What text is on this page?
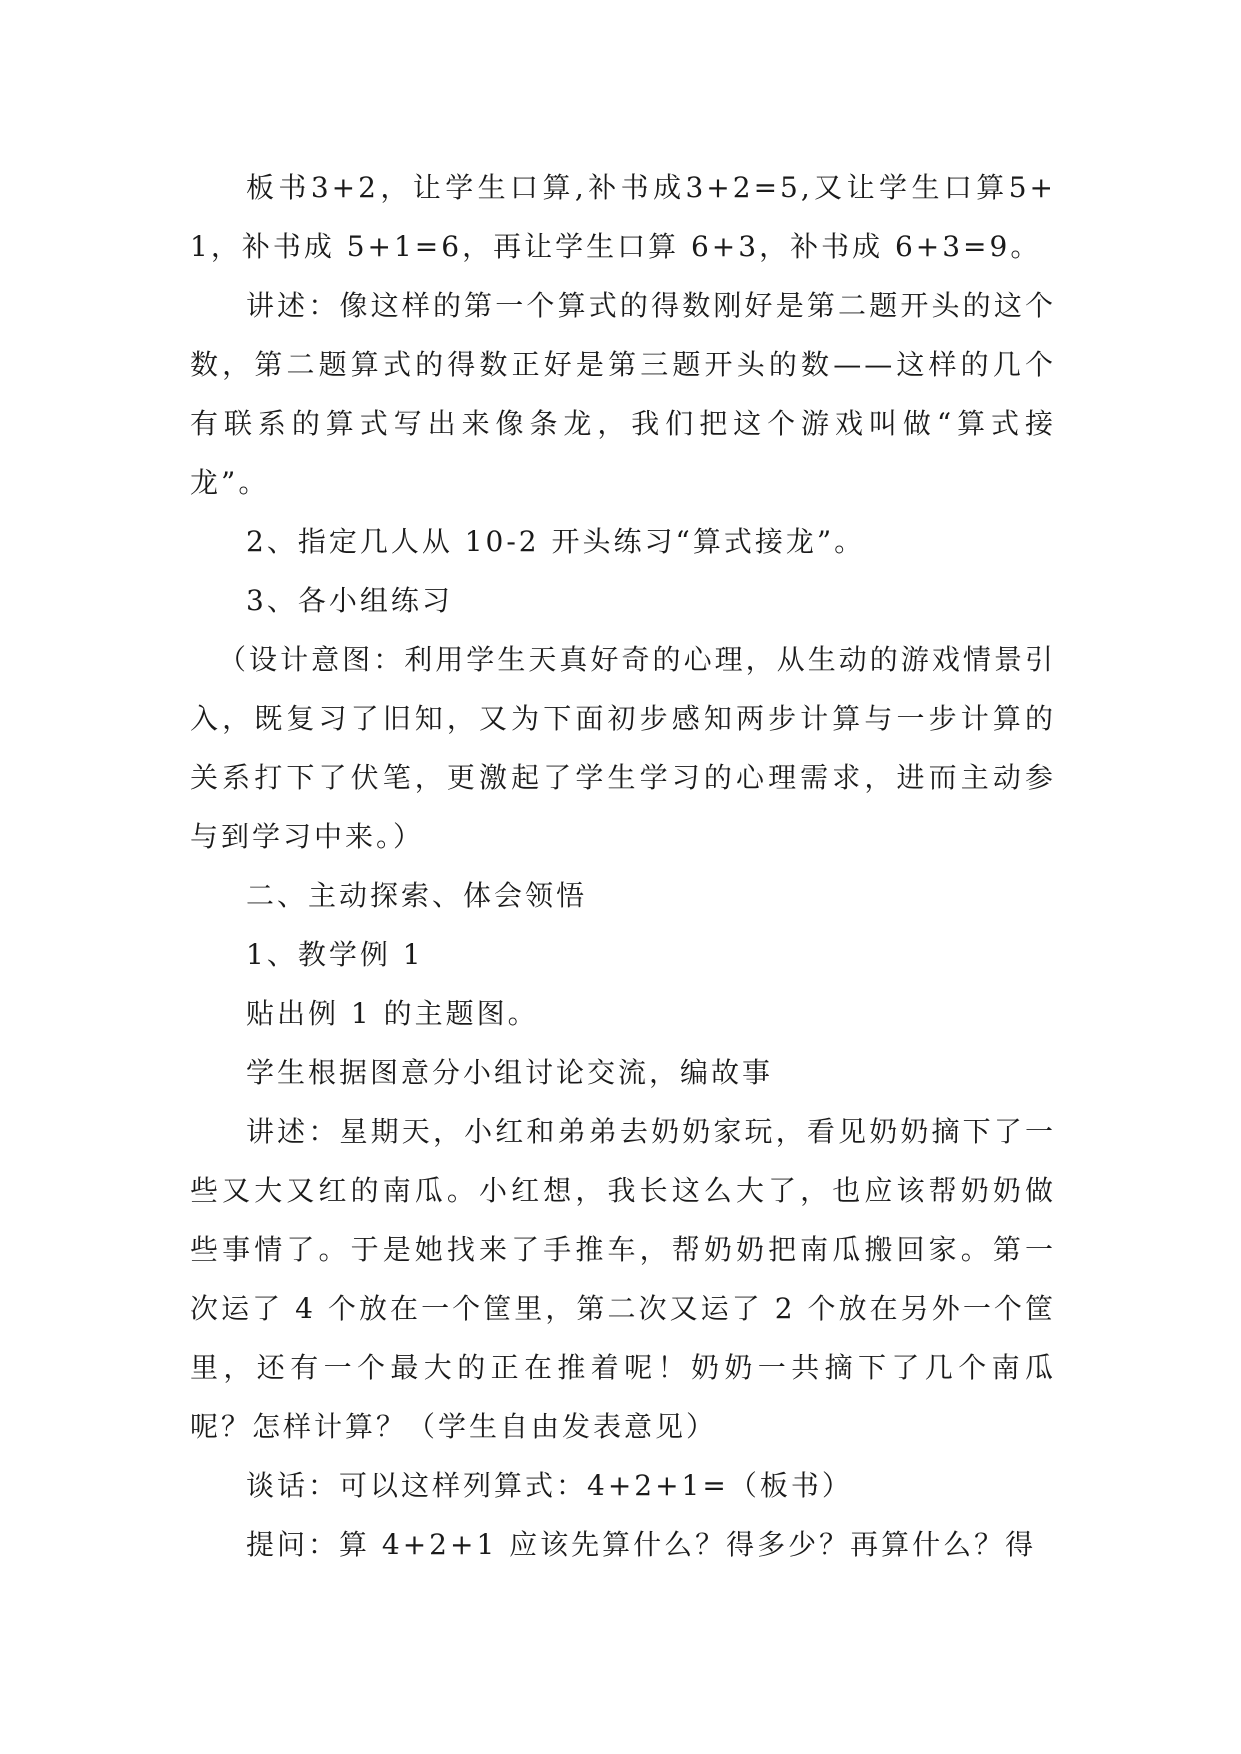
板书3+2，让学生口算,补书成3+2=5,又让学生口算5+1，补书成 5+1=6，再让学生口算 6+3，补书成 6+3=9。

讲述：像这样的第一个算式的得数刚好是第二题开头的这个数，第二题算式的得数正好是第三题开头的数——这样的几个有联系的算式写出来像条龙，我们把这个游戏叫做“算式接龙”。

2、指定几人从 10-2 开头练习“算式接龙”。

3、各小组练习

（设计意图：利用学生天真好奇的心理，从生动的游戏情景引入，既复习了旧知，又为下面初步感知两步计算与一步计算的关系打下了伏笔，更激起了学生学习的心理需求，进而主动参与到学习中来。）

二、主动探索、体会领悟

1、教学例 1

贴出例 1 的主题图。

学生根据图意分小组讨论交流，编故事

讲述：星期天，小红和弟弟去奶奶家玩，看见奶奶摘下了一些又大又红的南瓜。小红想，我长这么大了，也应该帮奶奶做些事情了。于是她找来了手推车，帮奶奶把南瓜搬回家。第一次运了 4 个放在一个筐里，第二次又运了 2 个放在另外一个筐里，还有一个最大的正在推着呢！奶奶一共摘下了几个南瓜呢？怎样计算？（学生自由发表意见）

谈话：可以这样列算式：4+2+1=（板书）

提问：算 4+2+1 应该先算什么？得多少？再算什么？得
